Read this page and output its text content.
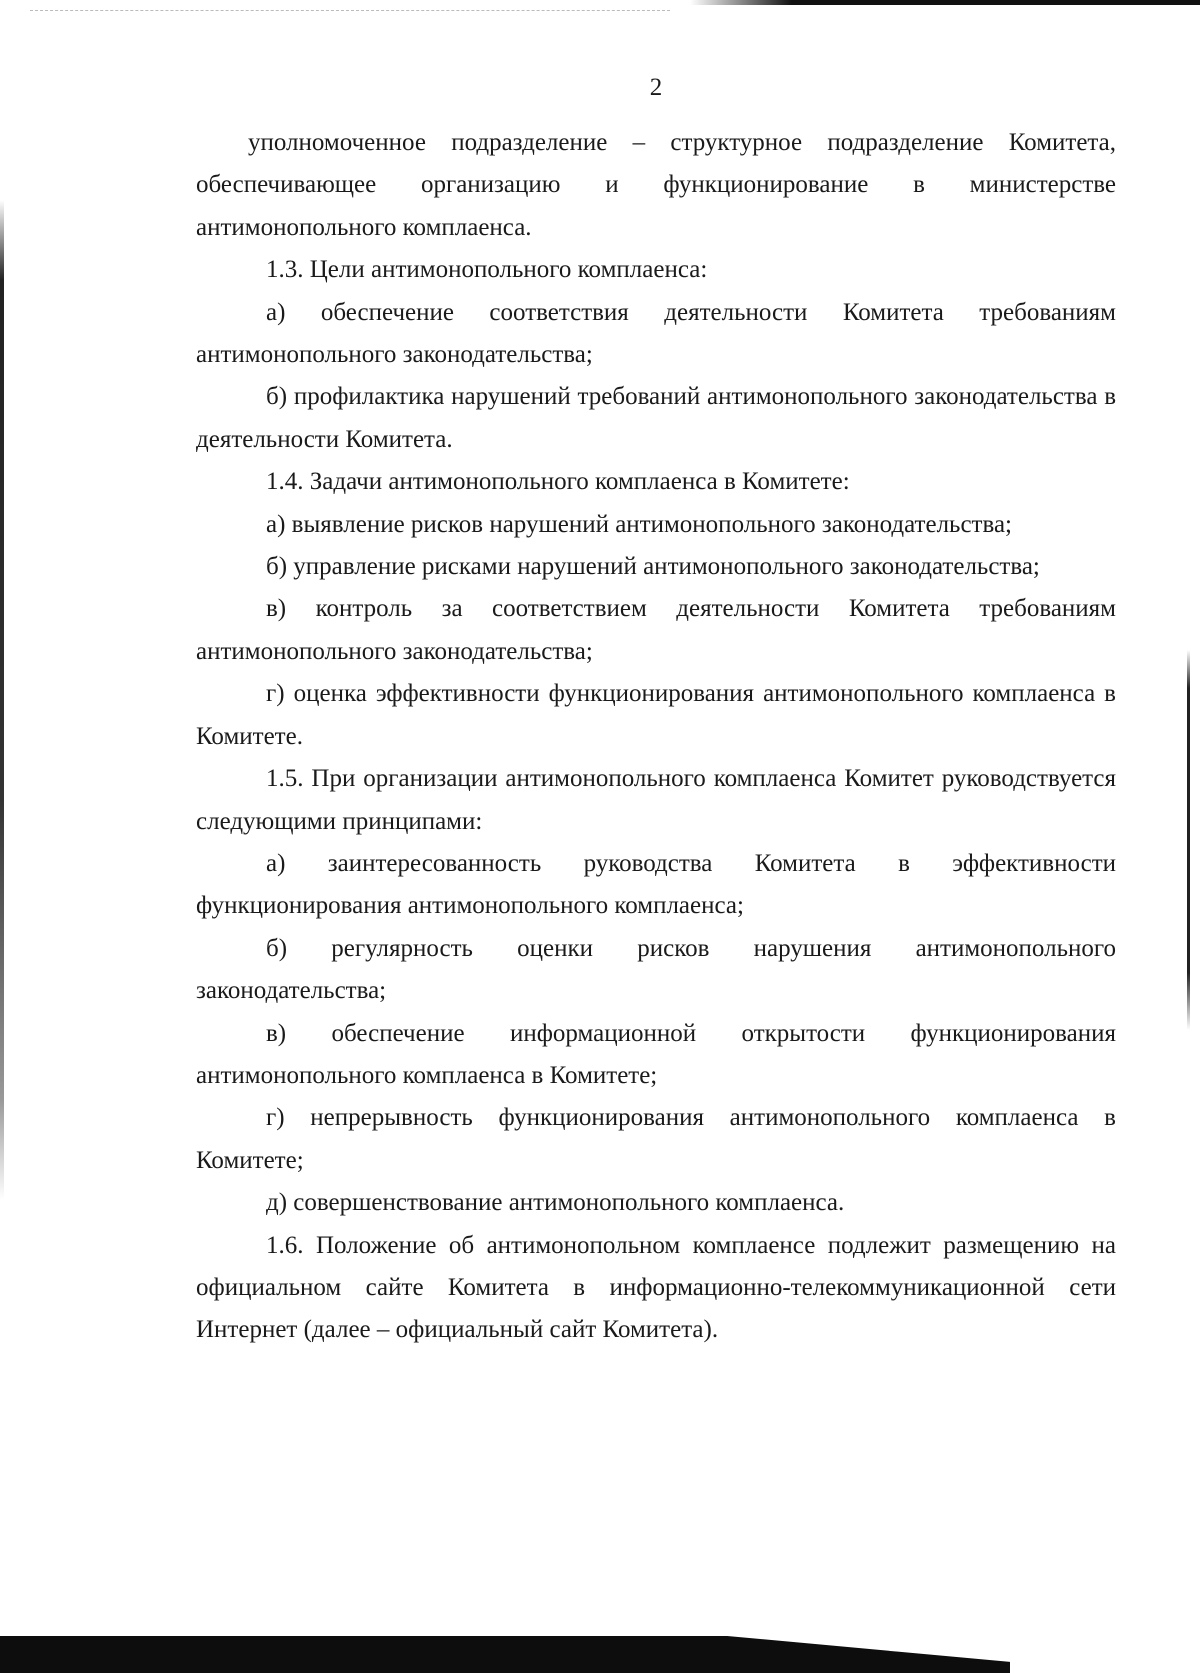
2

уполномоченное подразделение – структурное подразделение Комитета, обеспечивающее организацию и функционирование в министерстве антимонопольного комплаенса.

1.3. Цели антимонопольного комплаенса:

а) обеспечение соответствия деятельности Комитета требованиям антимонопольного законодательства;

б) профилактика нарушений требований антимонопольного законодательства в деятельности Комитета.

1.4. Задачи антимонопольного комплаенса в Комитете:

а) выявление рисков нарушений антимонопольного законодательства;

б) управление рисками нарушений антимонопольного законодательства;

в) контроль за соответствием деятельности Комитета требованиям антимонопольного законодательства;

г) оценка эффективности функционирования антимонопольного комплаенса в Комитете.

1.5. При организации антимонопольного комплаенса Комитет руководствуется следующими принципами:

а) заинтересованность руководства Комитета в эффективности функционирования антимонопольного комплаенса;

б) регулярность оценки рисков нарушения антимонопольного законодательства;

в) обеспечение информационной открытости функционирования антимонопольного комплаенса в Комитете;

г) непрерывность функционирования антимонопольного комплаенса в Комитете;

д) совершенствование антимонопольного комплаенса.

1.6. Положение об антимонопольном комплаенсе подлежит размещению на официальном сайте Комитета в информационно-телекоммуникационной сети Интернет (далее – официальный сайт Комитета).
